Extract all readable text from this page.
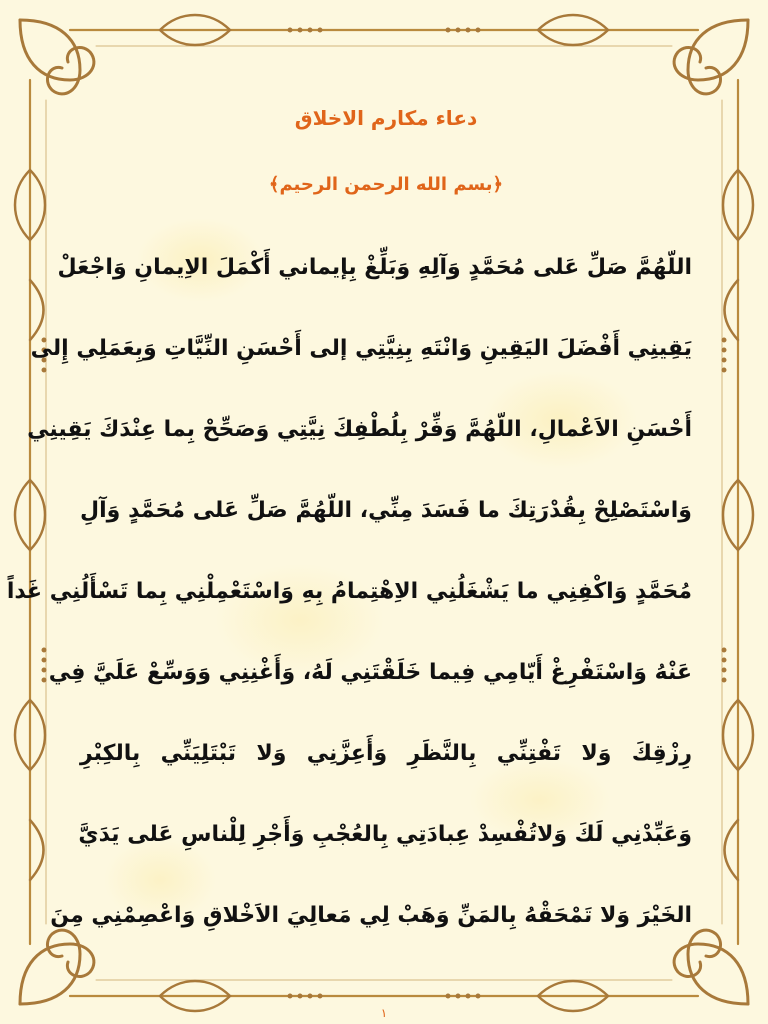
دعاء مكارم الاخلاق
﴿بسم الله الرحمن الرحيم﴾
اللّهُمَّ صَلِّ عَلى مُحَمَّدٍ وَآلِهِ وَبَلِّغْ بِإيماني أَكْمَلَ الاِيمانِ وَاجْعَلْ
يَقِينِي أَفْضَلَ اليَقِينِ وَانْتَهِ بِنِيَّتِي إلى أَحْسَنِ النِّيَّاتِ وَبِعَمَلِي إِلى
أَحْسَنِ الاَعْمالِ، اللّهُمَّ وَفِّرْ بِلُطْفِكَ نِيَّتِي وَصَحِّحْ بِما عِنْدَكَ يَقِينِي
وَاسْتَصْلِحْ بِقُدْرَتِكَ ما فَسَدَ مِنِّي، اللّهُمَّ صَلِّ عَلى مُحَمَّدٍ وَآلِ
مُحَمَّدٍ وَاكْفِنِي ما يَشْغَلُنِي الاِهْتِمامُ بِهِ وَاسْتَعْمِلْنِي بِما تَسْأَلُنِي غَداً
عَنْهُ وَاسْتَفْرِغْ أَيّامِي فِيما خَلَقْتَنِي لَهُ، وَأَغْنِنِي وَوَسِّعْ عَلَيَّ فِي
رِزْقِكَ وَلا تَفْتِنِّي بِالنَّظَرِ وَأَعِزَّنِي وَلا تَبْتَلِيَنِّي بِالكِبْرِ
وَعَبِّدْنِي لَكَ وَلاتُفْسِدْ عِبادَتِي بِالعُجْبِ وَأَجْرِ لِلْناسِ عَلى يَدَيَّ
الخَيْرَ وَلا تَمْحَقْهُ بِالمَنِّ وَهَبْ لِي مَعالِيَ الاَخْلاقِ وَاعْصِمْنِي مِنَ
١
